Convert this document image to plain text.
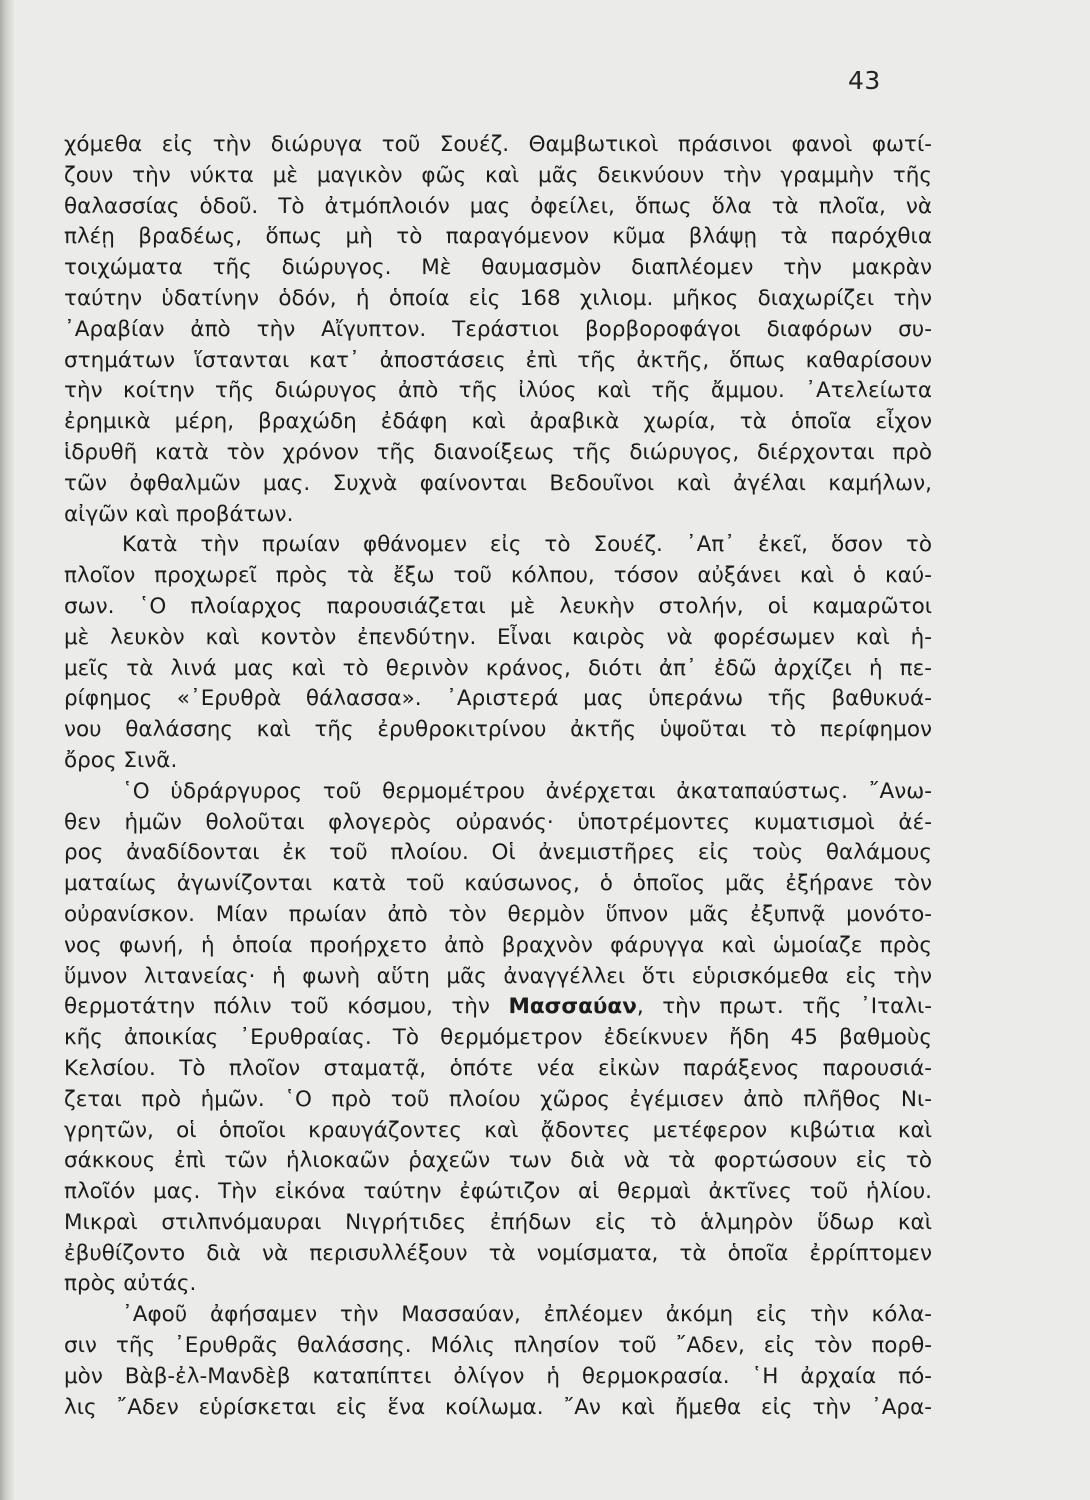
43
χόμεθα εἰς τὴν διώρυγα τοῦ Σουέζ. Θαμβωτικοὶ πράσινοι φανοὶ φωτί-
ζουν τὴν νύκτα μὲ μαγικὸν φῶς καὶ μᾶς δεικνύουν τὴν γραμμὴν τῆς
θαλασσίας ὁδοῦ. Τὸ ἀτμόπλοιόν μας ὀφείλει, ὅπως ὅλα τὰ πλοῖα, νὰ
πλέῃ βραδέως, ὅπως μὴ τὸ παραγόμενον κῦμα βλάψῃ τὰ παρόχθια
τοιχώματα τῆς διώρυγος. Μὲ θαυμασμὸν διαπλέομεν τὴν μακρὰν
ταύτην ὑδατίνην ὁδόν, ἡ ὁποία εἰς 168 χιλιομ. μῆκος διαχωρίζει τὴν
᾿Αραβίαν ἀπὸ τὴν Αἴγυπτον. Τεράστιοι βορβοροφάγοι διαφόρων συ-
στημάτων ἵστανται κατ᾿ ἀποστάσεις ἐπὶ τῆς ἀκτῆς, ὅπως καθαρίσουν
τὴν κοίτην τῆς διώρυγος ἀπὸ τῆς ἰλύος καὶ τῆς ἄμμου. ᾿Ατελείωτα
ἐρημικὰ μέρη, βραχώδη ἐδάφη καὶ ἀραβικὰ χωρία, τὰ ὁποῖα εἶχον
ἱδρυθῆ κατὰ τὸν χρόνον τῆς διανοίξεως τῆς διώρυγος, διέρχονται πρὸ
τῶν ὀφθαλμῶν μας. Συχνὰ φαίνονται Βεδουῖνοι καὶ ἀγέλαι καμήλων,
αἰγῶν καὶ προβάτων.
Κατὰ τὴν πρωίαν φθάνομεν εἰς τὸ Σουέζ. ᾿Απ᾿ ἐκεῖ, ὅσον τὸ
πλοῖον προχωρεῖ πρὸς τὰ ἔξω τοῦ κόλπου, τόσον αὐξάνει καὶ ὁ καύ-
σων. ῾Ο πλοίαρχος παρουσιάζεται μὲ λευκὴν στολήν, οἱ καμαρῶτοι
μὲ λευκὸν καὶ κοντὸν ἐπενδύτην. Εἶναι καιρὸς νὰ φορέσωμεν καὶ ἡ-
μεῖς τὰ λινά μας καὶ τὸ θερινὸν κράνος, διότι ἀπ᾿ ἐδῶ ἀρχίζει ἡ πε-
ρίφημος «᾿Ερυθρὰ θάλασσα». ᾿Αριστερά μας ὑπεράνω τῆς βαθυκυά-
νου θαλάσσης καὶ τῆς ἐρυθροκιτρίνου ἀκτῆς ὑψοῦται τὸ περίφημον
ὄρος Σινᾶ.
῾Ο ὑδράργυρος τοῦ θερμομέτρου ἀνέρχεται ἀκαταπαύστως. ῎Ανω-
θεν ἡμῶν θολοῦται φλογερὸς οὐρανός· ὑποτρέμοντες κυματισμοὶ ἀέ-
ρος ἀναδίδονται ἐκ τοῦ πλοίου. Οἱ ἀνεμιστῆρες εἰς τοὺς θαλάμους
ματαίως ἀγωνίζονται κατὰ τοῦ καύσωνος, ὁ ὁποῖος μᾶς ἐξήρανε τὸν
οὐρανίσκον. Μίαν πρωίαν ἀπὸ τὸν θερμὸν ὕπνον μᾶς ἐξυπνᾷ μονότο-
νος φωνή, ἡ ὁποία προήρχετο ἀπὸ βραχνὸν φάρυγγα καὶ ὡμοίαζε πρὸς
ὕμνον λιτανείας· ἡ φωνὴ αὕτη μᾶς ἀναγγέλλει ὅτι εὑρισκόμεθα εἰς τὴν
θερμοτάτην πόλιν τοῦ κόσμου, τὴν Μασσαύαν, τὴν πρωτ. τῆς ᾿Ιταλι-
κῆς ἀποικίας ᾿Ερυθραίας. Τὸ θερμόμετρον ἐδείκνυεν ἤδη 45 βαθμοὺς
Κελσίου. Τὸ πλοῖον σταματᾷ, ὁπότε νέα εἰκὼν παράξενος παρουσιά-
ζεται πρὸ ἡμῶν. ῾Ο πρὸ τοῦ πλοίου χῶρος ἐγέμισεν ἀπὸ πλῆθος Νι-
γρητῶν, οἱ ὁποῖοι κραυγάζοντες καὶ ᾄδοντες μετέφερον κιβώτια καὶ
σάκκους ἐπὶ τῶν ἡλιοκαῶν ῥαχεῶν των διὰ νὰ τὰ φορτώσουν εἰς τὸ
πλοῖόν μας. Τὴν εἰκόνα ταύτην ἐφώτιζον αἱ θερμαὶ ἀκτῖνες τοῦ ἡλίου.
Μικραὶ στιλπνόμαυραι Νιγρήτιδες ἐπήδων εἰς τὸ ἁλμηρὸν ὕδωρ καὶ
ἐβυθίζοντο διὰ νὰ περισυλλέξουν τὰ νομίσματα, τὰ ὁποῖα ἐρρίπτομεν
πρὸς αὐτάς.
᾿Αφοῦ ἀφήσαμεν τὴν Μασσαύαν, ἐπλέομεν ἀκόμη εἰς τὴν κόλα-
σιν τῆς ᾿Ερυθρᾶς θαλάσσης. Μόλις πλησίον τοῦ ῎Αδεν, εἰς τὸν πορθ-
μὸν Βὰβ-ἐλ-Μανδὲβ καταπίπτει ὀλίγον ἡ θερμοκρασία. ῾Η ἀρχαία πό-
λις ῎Αδεν εὑρίσκεται εἰς ἕνα κοίλωμα. ῎Αν καὶ ἤμεθα εἰς τὴν ᾿Αρα-
